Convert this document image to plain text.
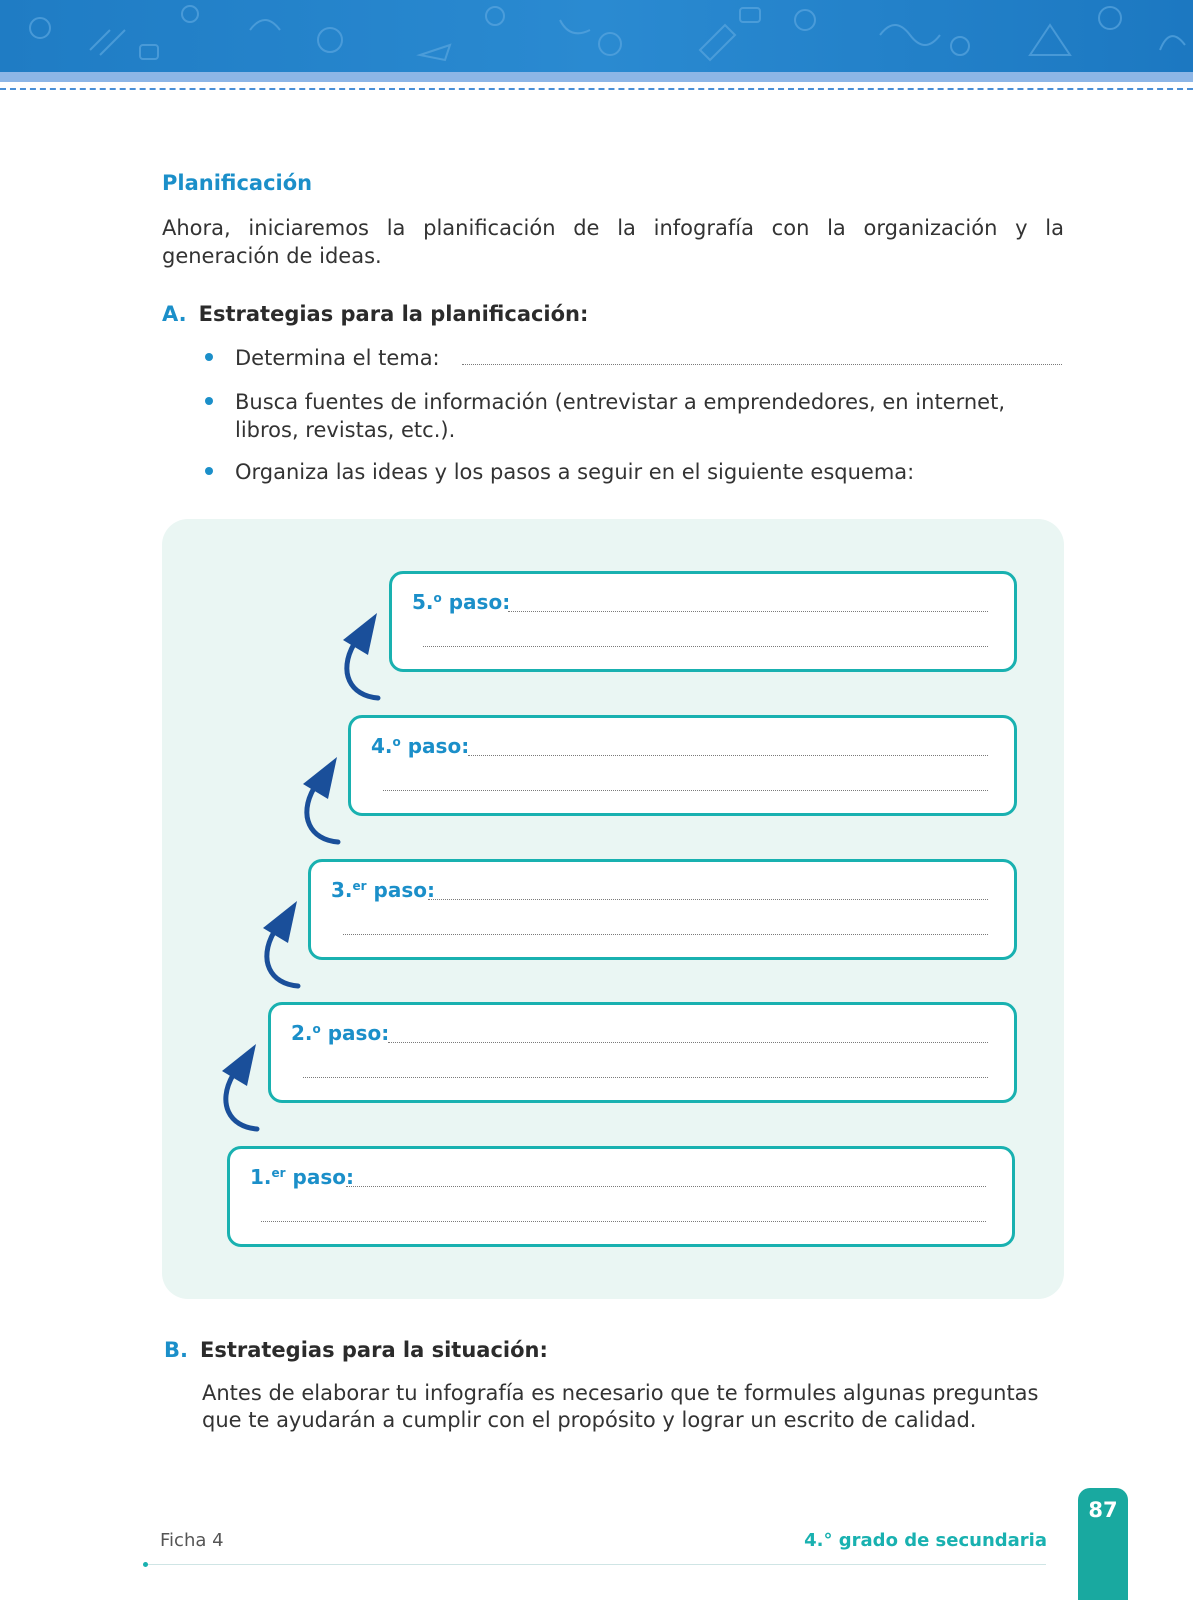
Planificación
Ahora, iniciaremos la planificación de la infografía con la organización y la generación de ideas.
A. Estrategias para la planificación:
Determina el tema:
Busca fuentes de información (entrevistar a emprendedores, en internet, libros, revistas, etc.).
Organiza las ideas y los pasos a seguir en el siguiente esquema:
5.$^o$ paso:
4.$^o$ paso:
3.$^{er}$ paso:
2.$^o$ paso:
1.$^{er}$ paso:
B. Estrategias para la situación:
Antes de elaborar tu infografía es necesario que te formules algunas preguntas que te ayudarán a cumplir con el propósito y lograr un escrito de calidad.
Ficha 4	4.° grado de secundaria
87
